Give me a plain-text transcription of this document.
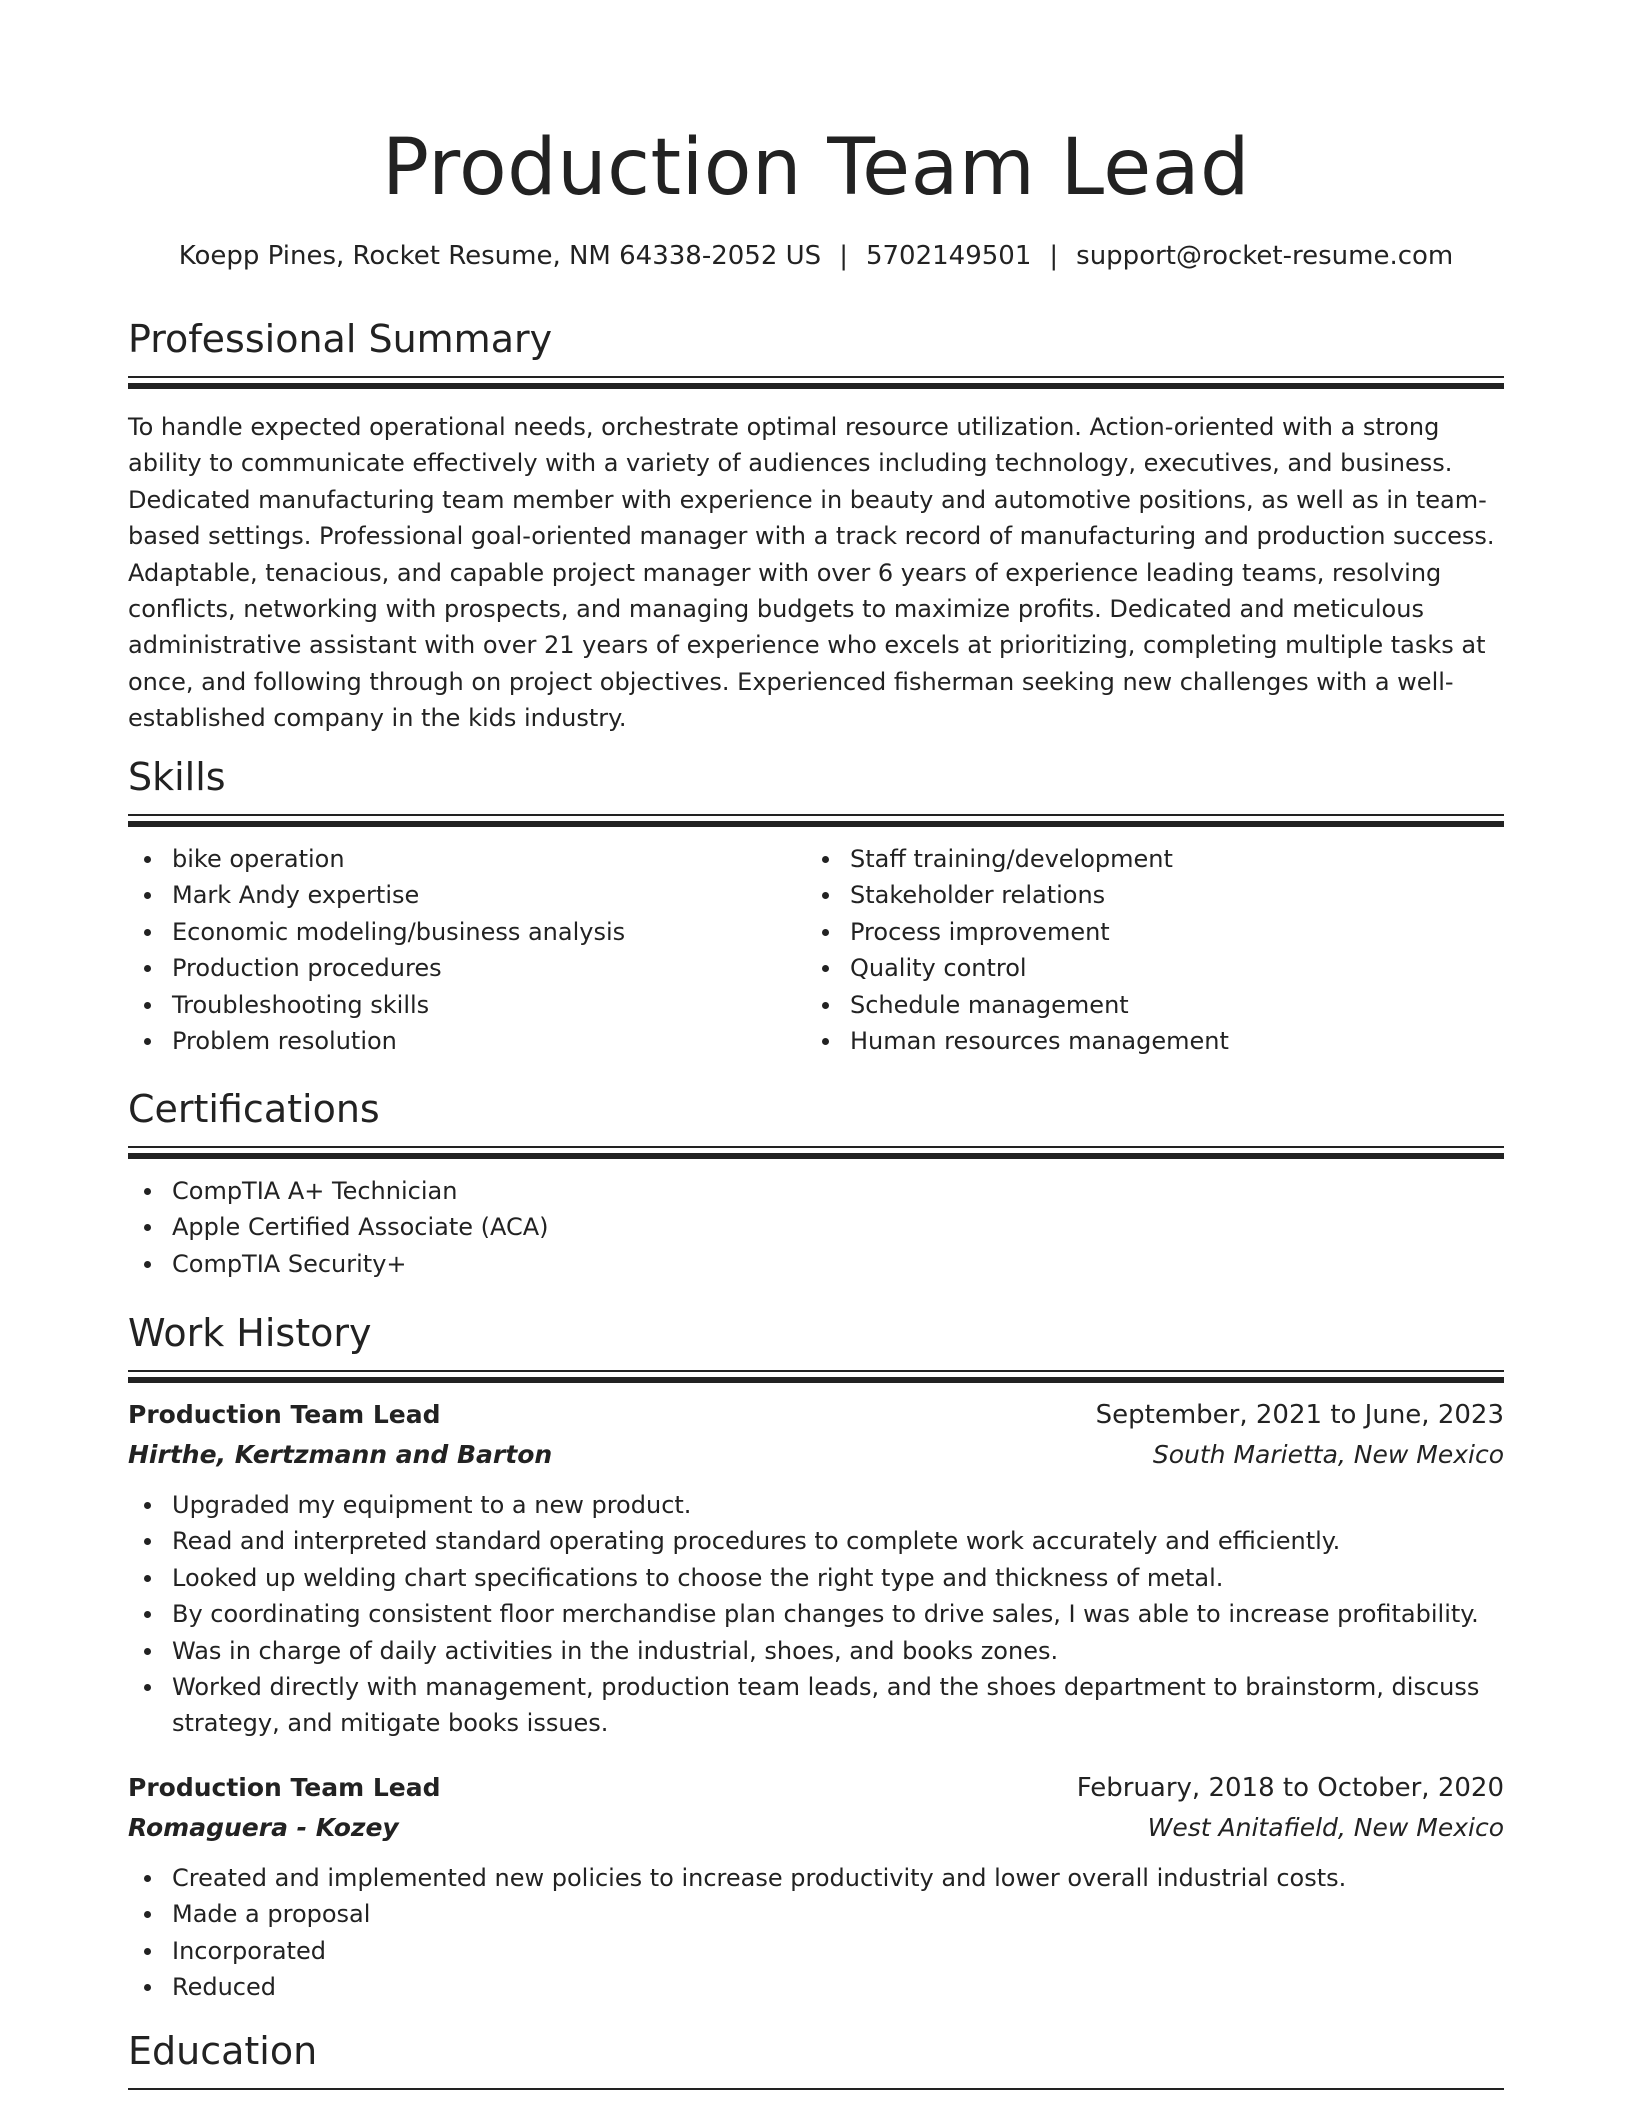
Production Team Lead
Koepp Pines, Rocket Resume, NM 64338-2052 US | 5702149501 | support@rocket-resume.com
Professional Summary

To handle expected operational needs, orchestrate optimal resource utilization. Action-oriented with a strong ability to communicate effectively with a variety of audiences including technology, executives, and business. Dedicated manufacturing team member with experience in beauty and automotive positions, as well as in team-based settings. Professional goal-oriented manager with a track record of manufacturing and production success. Adaptable, tenacious, and capable project manager with over 6 years of experience leading teams, resolving conflicts, networking with prospects, and managing budgets to maximize profits. Dedicated and meticulous administrative assistant with over 21 years of experience who excels at prioritizing, completing multiple tasks at once, and following through on project objectives. Experienced fisherman seeking new challenges with a well-established company in the kids industry.

Skills
bike operation
Mark Andy expertise
Economic modeling/business analysis
Production procedures
Troubleshooting skills
Problem resolution
Staff training/development
Stakeholder relations
Process improvement
Quality control
Schedule management
Human resources management
Certifications
CompTIA A+ Technician
Apple Certified Associate (ACA)
CompTIA Security+
Work History
Production Team Lead	September, 2021 to June, 2023
Hirthe, Kertzmann and Barton	South Marietta, New Mexico
Upgraded my equipment to a new product.
Read and interpreted standard operating procedures to complete work accurately and efficiently.
Looked up welding chart specifications to choose the right type and thickness of metal.
By coordinating consistent floor merchandise plan changes to drive sales, I was able to increase profitability.
Was in charge of daily activities in the industrial, shoes, and books zones.
Worked directly with management, production team leads, and the shoes department to brainstorm, discuss strategy, and mitigate books issues.
Production Team Lead	February, 2018 to October, 2020
Romaguera - Kozey	West Anitafield, New Mexico
Created and implemented new policies to increase productivity and lower overall industrial costs.
Made a proposal
Incorporated
Reduced
Education
